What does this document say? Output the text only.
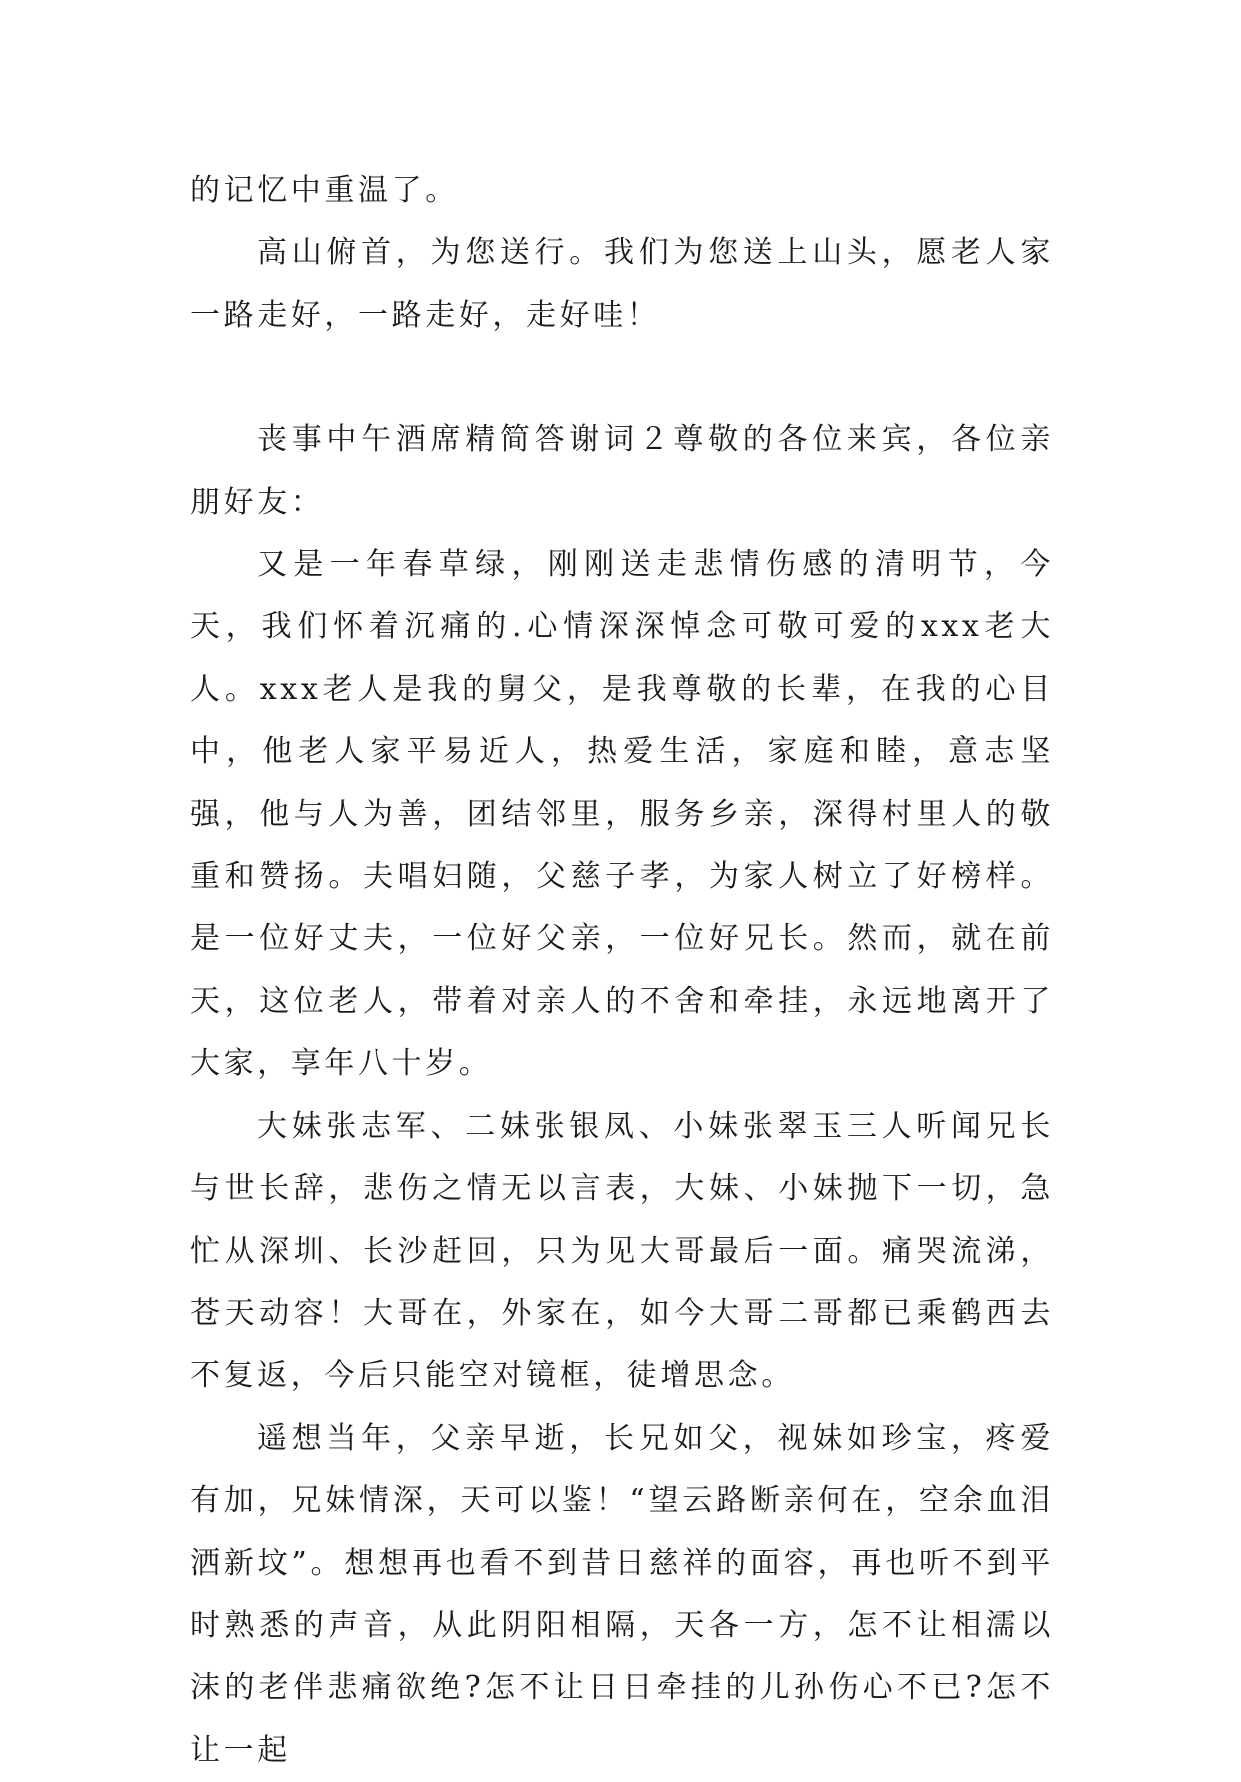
的记忆中重温了。

高山俯首，为您送行。我们为您送上山头，愿老人家一路走好，一路走好，走好哇！

丧事中午酒席精简答谢词２尊敬的各位来宾，各位亲朋好友：

又是一年春草绿，刚刚送走悲情伤感的清明节，今天，我们怀着沉痛的.心情深深悼念可敬可爱的xxx老大人。xxx老人是我的舅父，是我尊敬的长辈，在我的心目中，他老人家平易近人，热爱生活，家庭和睦，意志坚强，他与人为善，团结邻里，服务乡亲，深得村里人的敬重和赞扬。夫唱妇随，父慈子孝，为家人树立了好榜样。是一位好丈夫，一位好父亲，一位好兄长。然而，就在前天，这位老人，带着对亲人的不舍和牵挂，永远地离开了大家，享年八十岁。

大妹张志军、二妹张银凤、小妹张翠玉三人听闻兄长与世长辞，悲伤之情无以言表，大妹、小妹抛下一切，急忙从深圳、长沙赶回，只为见大哥最后一面。痛哭流涕，苍天动容！大哥在，外家在，如今大哥二哥都已乘鹤西去不复返，今后只能空对镜框，徒增思念。

遥想当年，父亲早逝，长兄如父，视妹如珍宝，疼爱有加，兄妹情深，天可以鉴！“望云路断亲何在，空余血泪洒新坟”。想想再也看不到昔日慈祥的面容，再也听不到平时熟悉的声音，从此阴阳相隔，天各一方，怎不让相濡以沫的老伴悲痛欲绝?怎不让日日牵挂的儿孙伤心不已?怎不让一起
